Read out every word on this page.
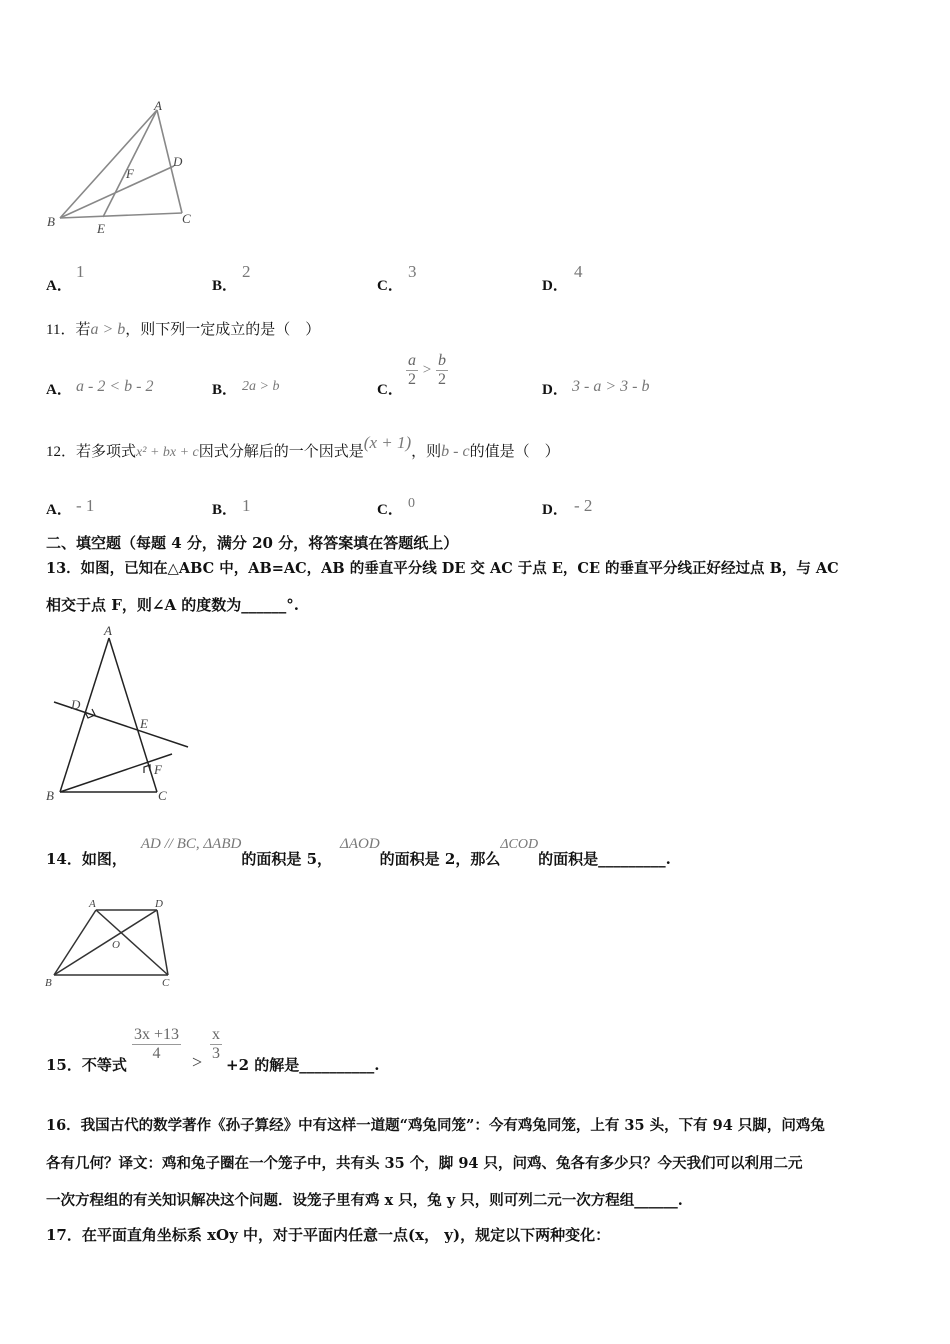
A
D
F
B	E
C
A．
1
B．
2
C．
3
D．
4
11．若a > b，则下列一定成立的是（　）
A． a - 2 < b - 2	B． 2a > b	C．
$\frac{a}{2} > \frac{b}{2}$
D． 3 - a > 3 - b
12．若多项式x² + bx + c因式分解后的一个因式是(x + 1)，则b - c的值是（　）
A． - 1	B． 1	C． 0	D． - 2
二、填空题（每题 4 分，满分 20 分，将答案填在答题纸上）
13．如图，已知在△ABC 中，AB=AC，AB 的垂直平分线 DE 交 AC 于点 E，CE 的垂直平分线正好经过点 B，与 AC
相交于点 F，则∠A 的度数为______°.
A
D
E
F
B	C
14．如图，AD // BC, ΔABD的面积是 5，ΔAOD的面积是 2，那么ΔCOD的面积是_________.
A	D
O
B	C
15．不等式
$\frac{3x +13}{4} > \frac{x}{3}$
+2 的解是__________.
16．我国古代的数学著作《孙子算经》中有这样一道题“鸡兔同笼”：今有鸡兔同笼，上有 35 头，下有 94 只脚，问鸡兔
各有几何？译文：鸡和兔子圈在一个笼子中，共有头 35 个，脚 94 只，问鸡、兔各有多少只？今天我们可以利用二元
一次方程组的有关知识解决这个问题．设笼子里有鸡 x 只，兔 y 只，则可列二元一次方程组______.
17．在平面直角坐标系 xOy 中，对于平面内任意一点(x， y)，规定以下两种变化：
